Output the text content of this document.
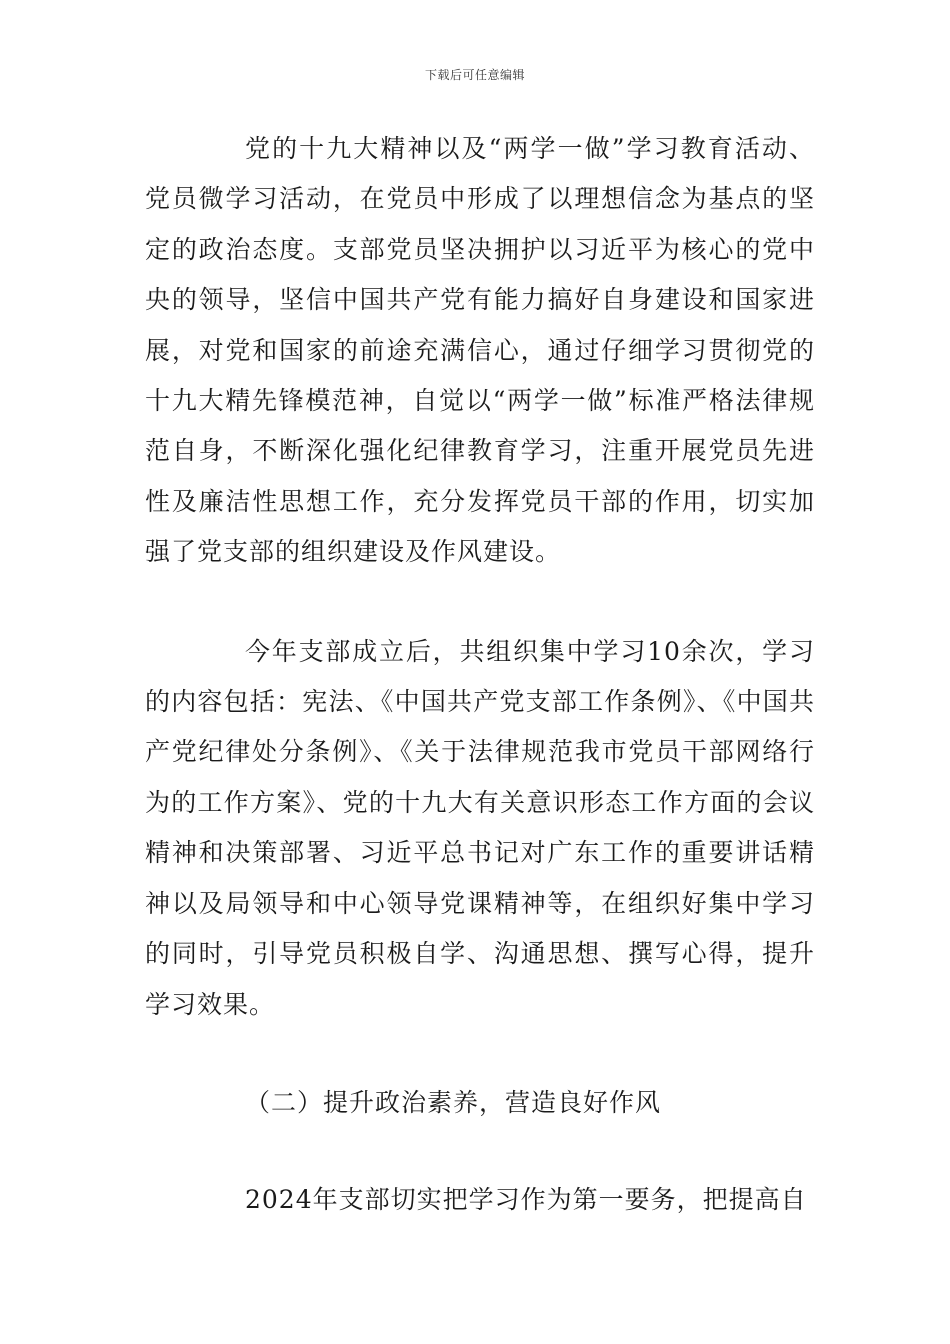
下载后可任意编辑

党的十九大精神以及“两学一做”学习教育活动、党员微学习活动，在党员中形成了以理想信念为基点的坚定的政治态度。支部党员坚决拥护以习近平为核心的党中央的领导，坚信中国共产党有能力搞好自身建设和国家进展，对党和国家的前途充满信心，通过仔细学习贯彻党的十九大精先锋模范神，自觉以“两学一做”标准严格法律规范自身，不断深化强化纪律教育学习，注重开展党员先进性及廉洁性思想工作，充分发挥党员干部的作用，切实加强了党支部的组织建设及作风建设。

今年支部成立后，共组织集中学习10余次，学习的内容包括：宪法、《中国共产党支部工作条例》、《中国共产党纪律处分条例》、《关于法律规范我市党员干部网络行为的工作方案》、党的十九大有关意识形态工作方面的会议精神和决策部署、习近平总书记对广东工作的重要讲话精神以及局领导和中心领导党课精神等，在组织好集中学习的同时，引导党员积极自学、沟通思想、撰写心得，提升学习效果。

（二）提升政治素养，营造良好作风

2024年支部切实把学习作为第一要务，把提高自
